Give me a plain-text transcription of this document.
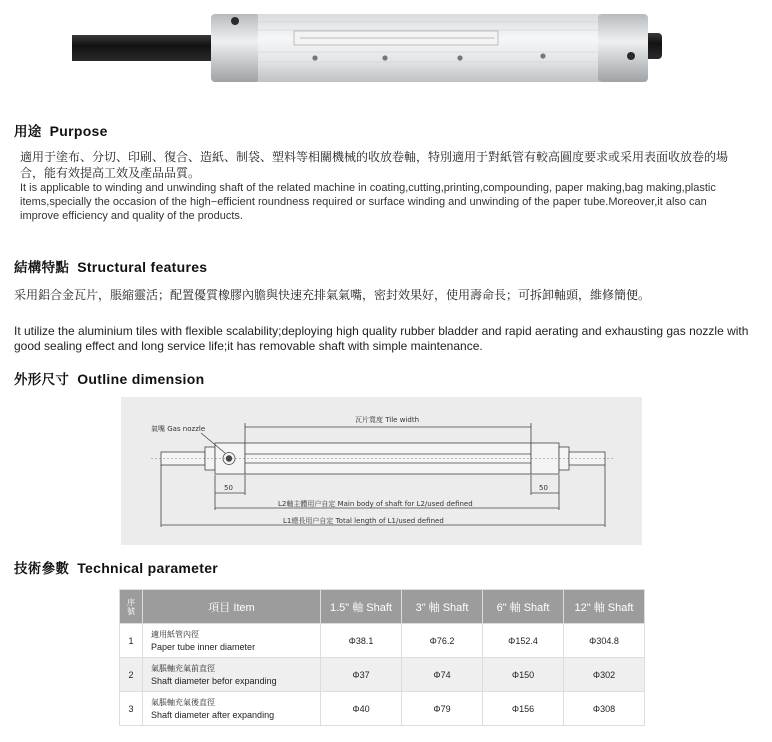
用途 Purpose
適用于塗布、分切、印刷、復合、造紙、制袋、塑料等相關機械的收放卷軸，特別適用于對紙管有較高圓度要求或采用表面收放卷的場合，能有效提高工效及產品品質。
It is applicable to winding and unwinding shaft of the related machine in coating,cutting,printing,compounding, paper making,bag making,plastic items,specially the occasion of the high−efficient roundness required or surface winding and unwinding of the paper tube.Moreover,it also can improve efficiency and quality of the products.
結構特點 Structural features
采用鋁合金瓦片，脹縮靈活；配置優質橡膠內膽與快速充排氣氣嘴，密封效果好，使用壽命長；可拆卸軸頭，維修簡便。
It utilize the aluminium tiles with flexible scalability;deploying high quality rubber bladder and rapid aerating and exhausting gas nozzle with good sealing effect and long service life;it has removable shaft with simple maintenance.
外形尺寸 Outline dimension
瓦片寬度 Tile width
氣嘴 Gas nozzle
50	50
L2軸主體用户自定 Main body of shaft for L2/used defined
L1總長用户自定 Total length of L1/used defined
技術參數 Technical parameter
序號	項目 Item	1.5" 軸 Shaft	3" 軸 Shaft	6" 軸 Shaft	12" 軸 Shaft
1	適用紙管內徑
Paper tube inner diameter	Φ38.1	Φ76.2	Φ152.4	Φ304.8
2	氣脹軸充氣前直徑
Shaft diameter befor expanding	Φ37	Φ74	Φ150	Φ302
3	氣脹軸充氣後直徑
Shaft diameter after expanding	Φ40	Φ79	Φ156	Φ308
